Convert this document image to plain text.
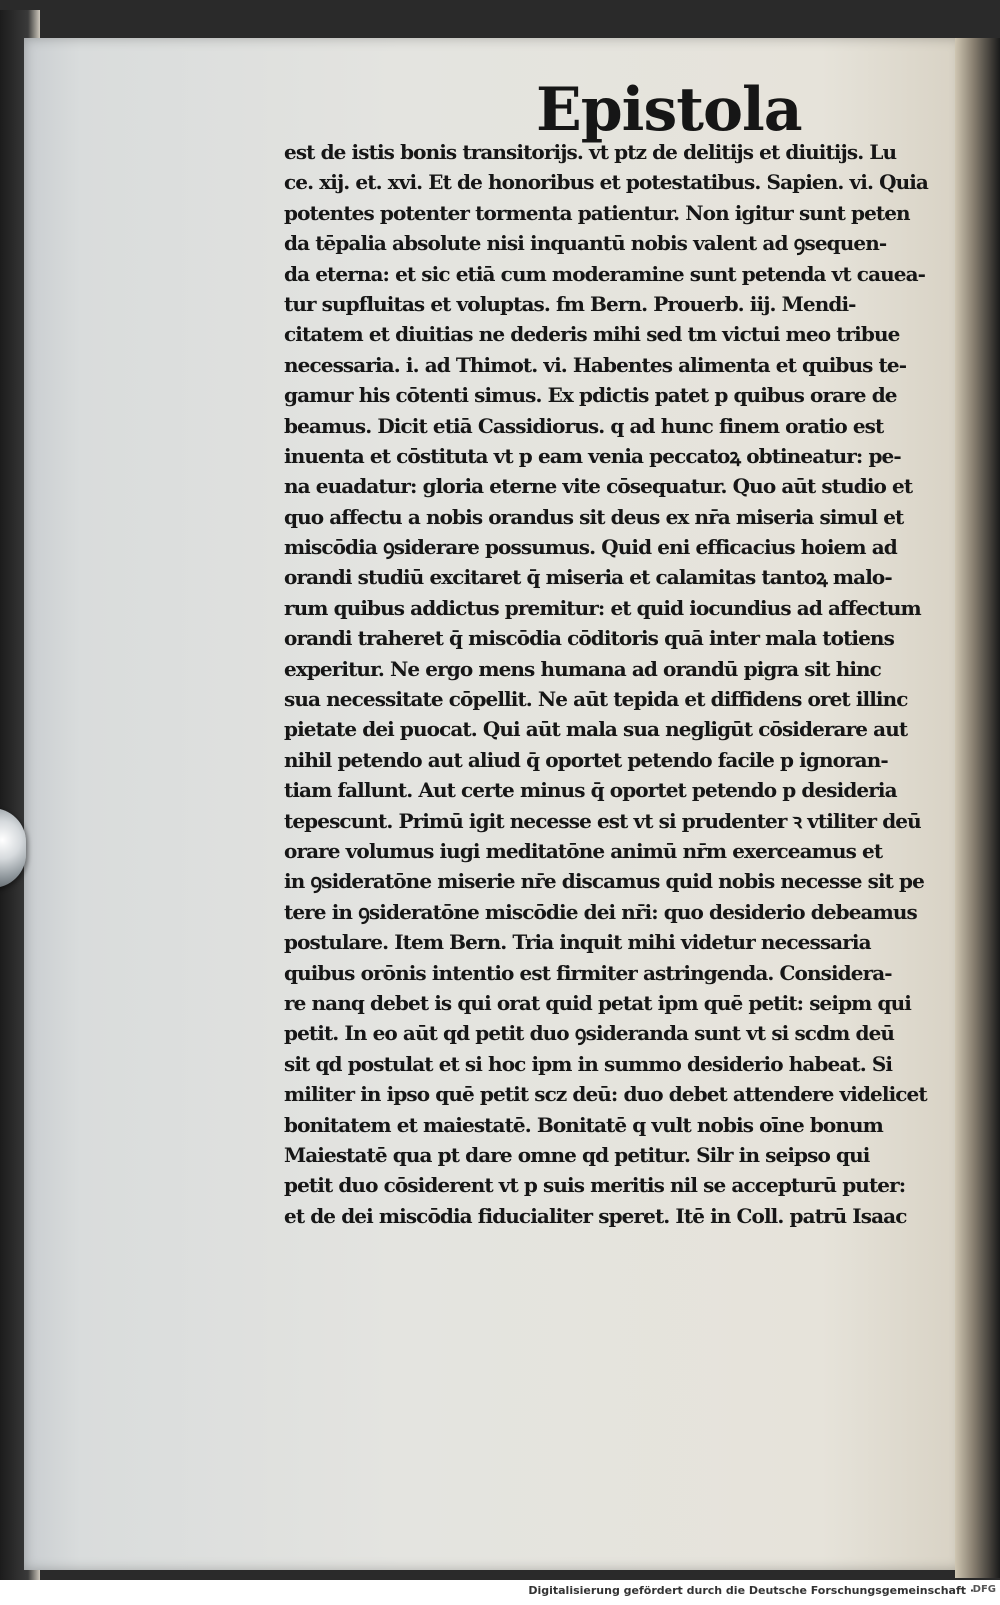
Epistola
est de istis bonis transitorijs. vt ptz de delitijs et diuitijs. Lu
ce. xij. et. xvi. Et de honoribus et potestatibus. Sapien. vi. Quia
potentes potenter tormenta patientur. Non igitur sunt peten
da tēpalia absolute nisi inquantū nobis valent ad ꝯsequen-
da eterna: et sic etiā cum moderamine sunt petenda vt cauea-
tur supfluitas et voluptas. fm Bern. Prouerb. iij. Mendi-
citatem et diuitias ne dederis mihi sed tm victui meo tribue
necessaria. i. ad Thimot. vi. Habentes alimenta et quibus te-
gamur his cōtenti simus. Ex pdictis patet p quibus orare de
beamus. Dicit etiā Cassidiorus. q ad hunc finem oratio est
inuenta et cōstituta vt p eam venia peccatoꝝ obtineatur: pe-
na euadatur: gloria eterne vite cōsequatur. Quo aūt studio et
quo affectu a nobis orandus sit deus ex nr̄a miseria simul et
miscōdia ꝯsiderare possumus. Quid eni efficacius hoiem ad
orandi studiū excitaret q̄ miseria et calamitas tantoꝝ malo-
rum quibus addictus premitur: et quid iocundius ad affectum
orandi traheret q̄ miscōdia cōditoris quā inter mala totiens
experitur. Ne ergo mens humana ad orandū pigra sit hinc
sua necessitate cōpellit. Ne aūt tepida et diffidens oret illinc
pietate dei puocat. Qui aūt mala sua negligūt cōsiderare aut
nihil petendo aut aliud q̄ oportet petendo facile p ignoran-
tiam fallunt. Aut certe minus q̄ oportet petendo p desideria
tepescunt. Primū igit necesse est vt si prudenter ꝛ vtiliter deū
orare volumus iugi meditatōne animū nr̄m exerceamus et
in ꝯsideratōne miserie nr̄e discamus quid nobis necesse sit pe
tere in ꝯsideratōne miscōdie dei nr̄i: quo desiderio debeamus
postulare. Item Bern. Tria inquit mihi videtur necessaria
quibus orōnis intentio est firmiter astringenda. Considera-
re nanq debet is qui orat quid petat ipm quē petit: seipm qui
petit. In eo aūt qd petit duo ꝯsideranda sunt vt si scdm deū
sit qd postulat et si hoc ipm in summo desiderio habeat. Si
militer in ipso quē petit scz deū: duo debet attendere videlicet
bonitatem et maiestatē. Bonitatē q vult nobis oīne bonum
Maiestatē qua pt dare omne qd petitur. Silr in seipso qui
petit duo cōsiderent vt p suis meritis nil se accepturū puter:
et de dei miscōdia fiducialiter speret. Itē in Coll. patrū Isaac
Digitalisierung gefördert durch die Deutsche Forschungsgemeinschaft ·
DFG
